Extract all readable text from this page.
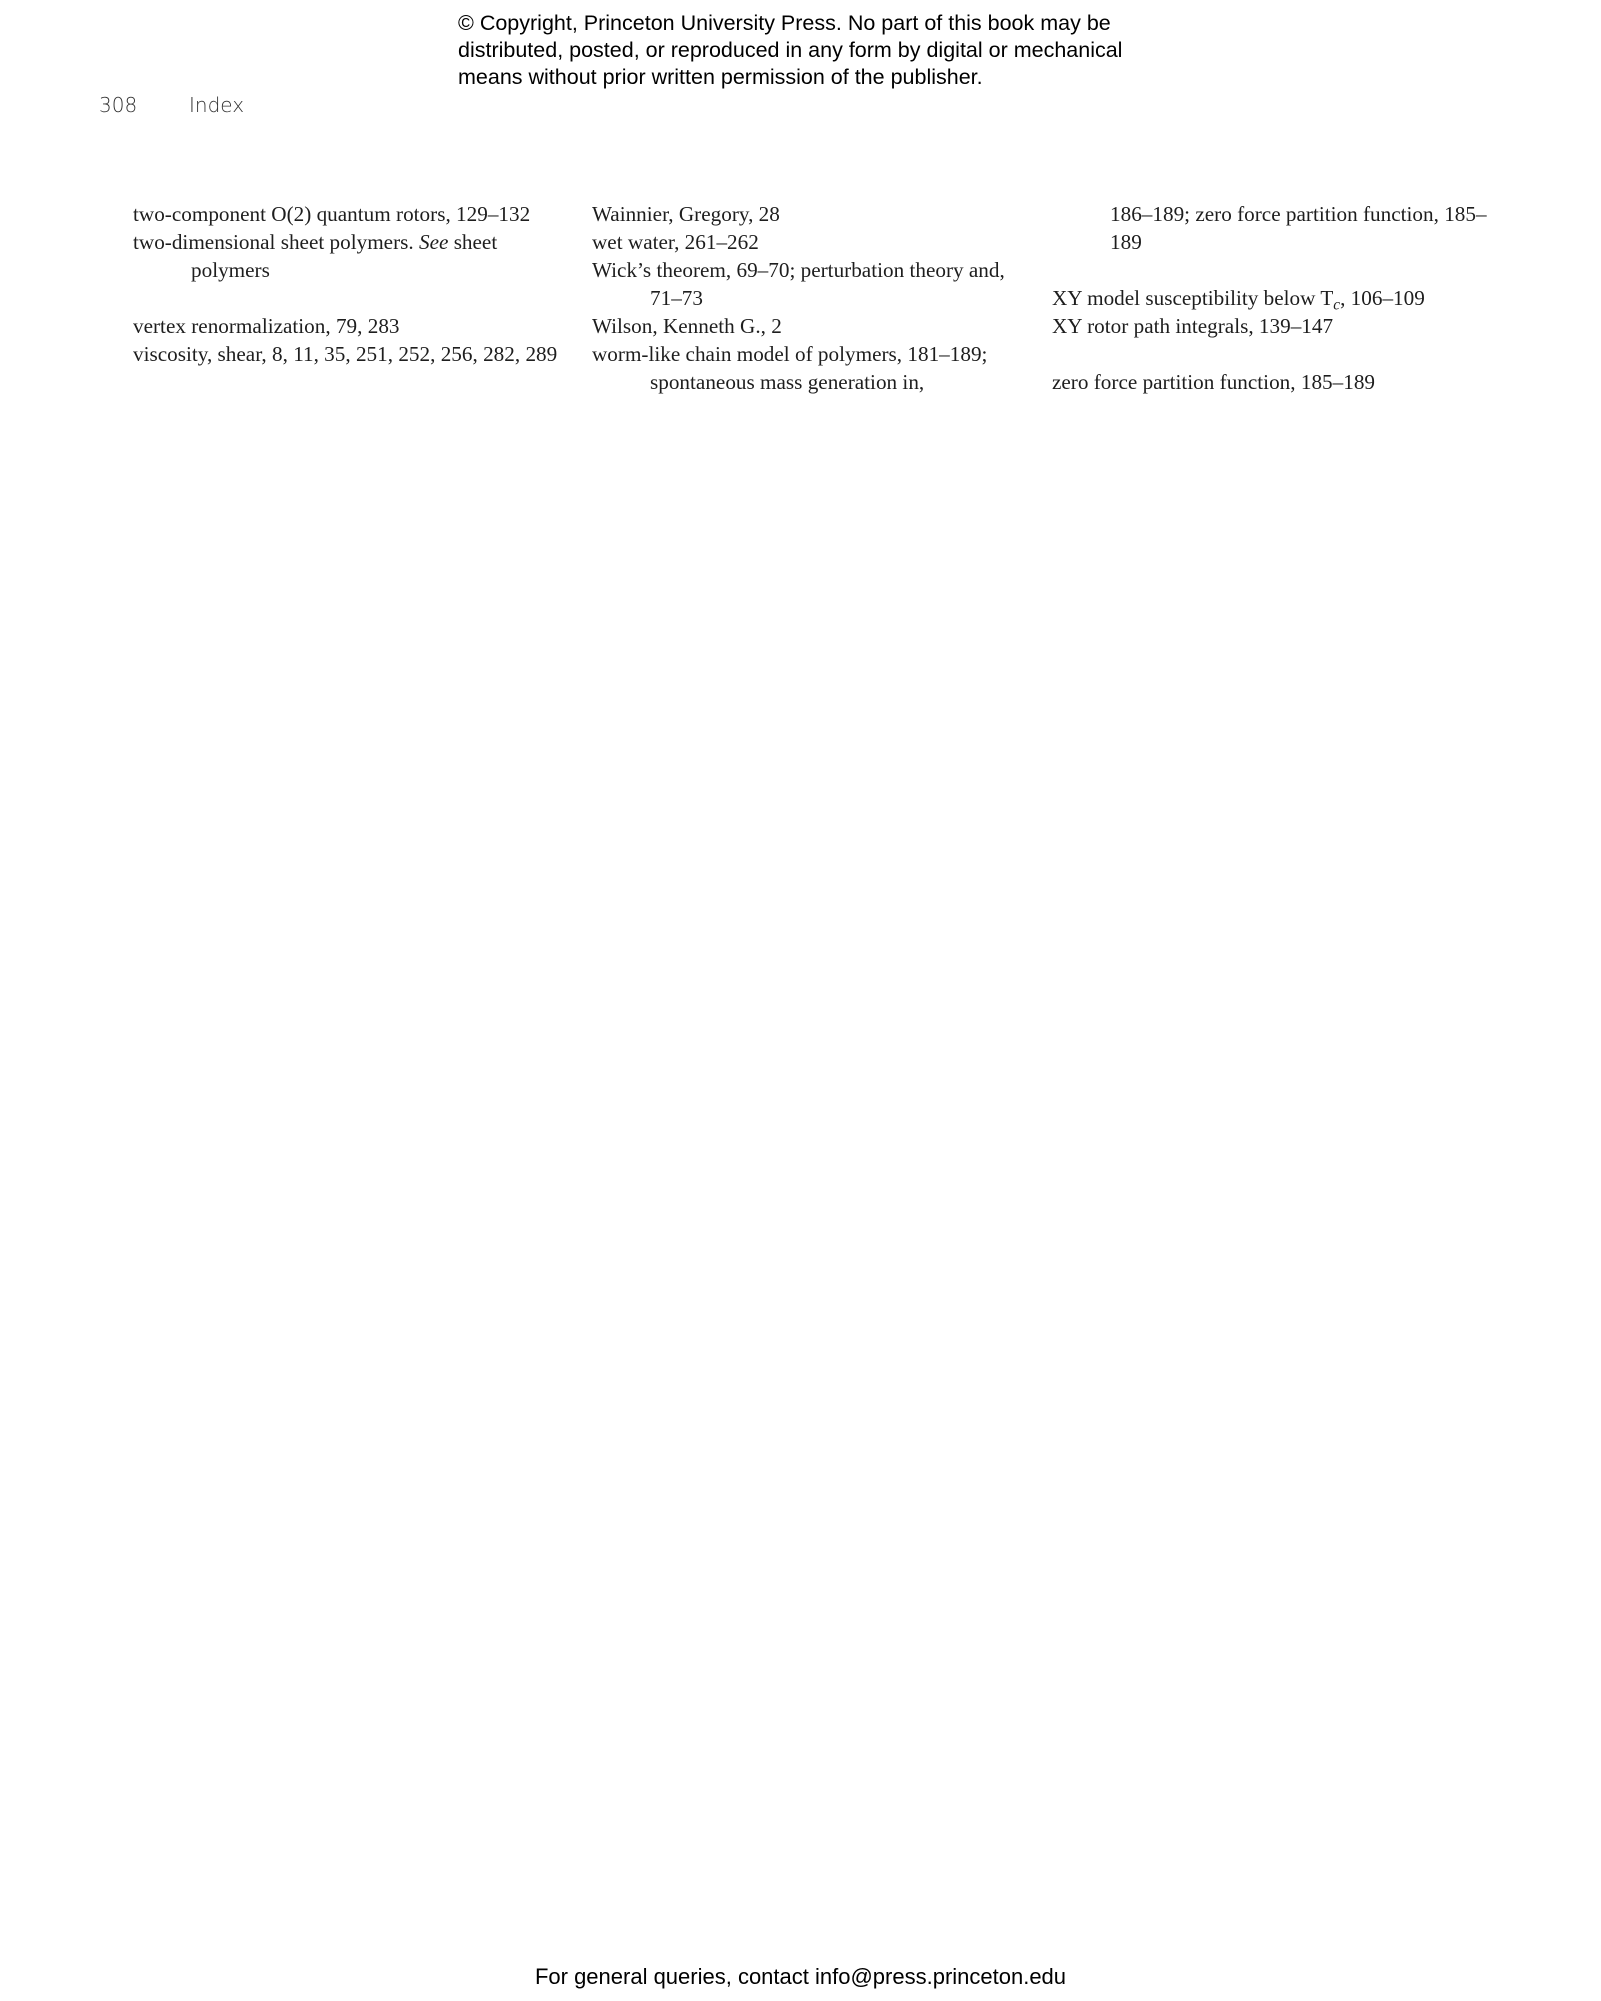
© Copyright, Princeton University Press. No part of this book may be
distributed, posted, or reproduced in any form by digital or mechanical
means without prior written permission of the publisher.
308	Index

two-component O(2) quantum rotors, 129–132

two-dimensional sheet polymers. See sheet polymers

vertex renormalization, 79, 283

viscosity, shear, 8, 11, 35, 251, 252, 256, 282, 289

Wainnier, Gregory, 28

wet water, 261–262

Wick’s theorem, 69–70; perturbation theory and, 71–73

Wilson, Kenneth G., 2

worm-like chain model of polymers, 181–189; spontaneous mass generation in,

186–189; zero force partition function, 185–189

XY model susceptibility below $T_c$, 106–109

XY rotor path integrals, 139–147

zero force partition function, 185–189

For general queries, contact info@press.princeton.edu
